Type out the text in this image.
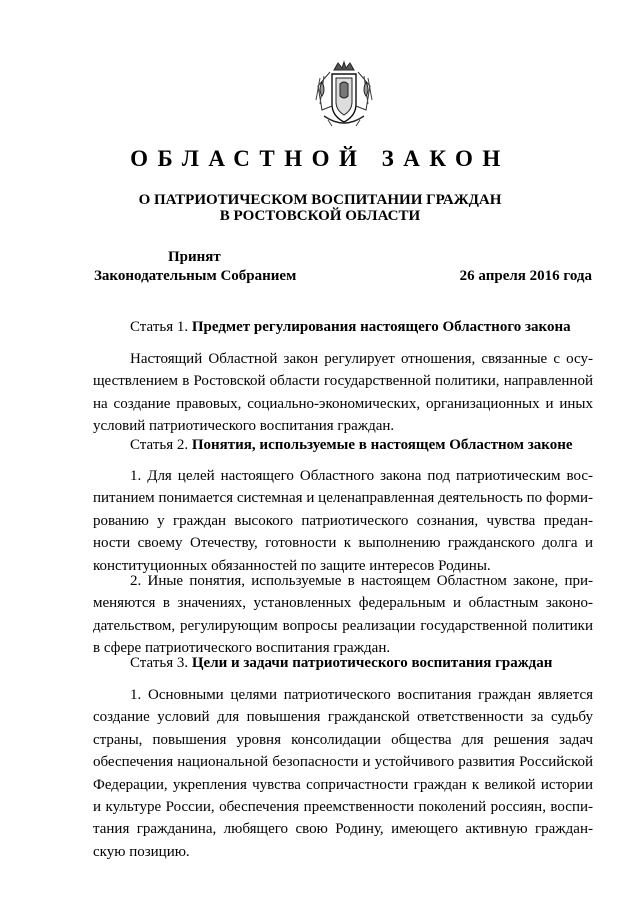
ОБЛАСТНОЙ ЗАКОН
О ПАТРИОТИЧЕСКОМ ВОСПИТАНИИ ГРАЖДАН
В РОСТОВСКОЙ ОБЛАСТИ
Принят
Законодательным Собранием	26 апреля 2016 года
Статья 1. Предмет регулирования настоящего Областного закона
Настоящий Областной закон регулирует отношения, связанные с осу-
ществлением в Ростовской области государственной политики, направленной
на создание правовых, социально-экономических, организационных и иных
условий патриотического воспитания граждан.
Статья 2. Понятия, используемые в настоящем Областном законе
1. Для целей настоящего Областного закона под патриотическим вос-
питанием понимается системная и целенаправленная деятельность по форми-
рованию у граждан высокого патриотического сознания, чувства предан-
ности своему Отечеству, готовности к выполнению гражданского долга и
конституционных обязанностей по защите интересов Родины.
2. Иные понятия, используемые в настоящем Областном законе, при-
меняются в значениях, установленных федеральным и областным законо-
дательством, регулирующим вопросы реализации государственной политики
в сфере патриотического воспитания граждан.
Статья 3. Цели и задачи патриотического воспитания граждан
1. Основными целями патриотического воспитания граждан является
создание условий для повышения гражданской ответственности за судьбу
страны, повышения уровня консолидации общества для решения задач
обеспечения национальной безопасности и устойчивого развития Российской
Федерации, укрепления чувства сопричастности граждан к великой истории
и культуре России, обеспечения преемственности поколений россиян, воспи-
тания гражданина, любящего свою Родину, имеющего активную граждан-
скую позицию.
